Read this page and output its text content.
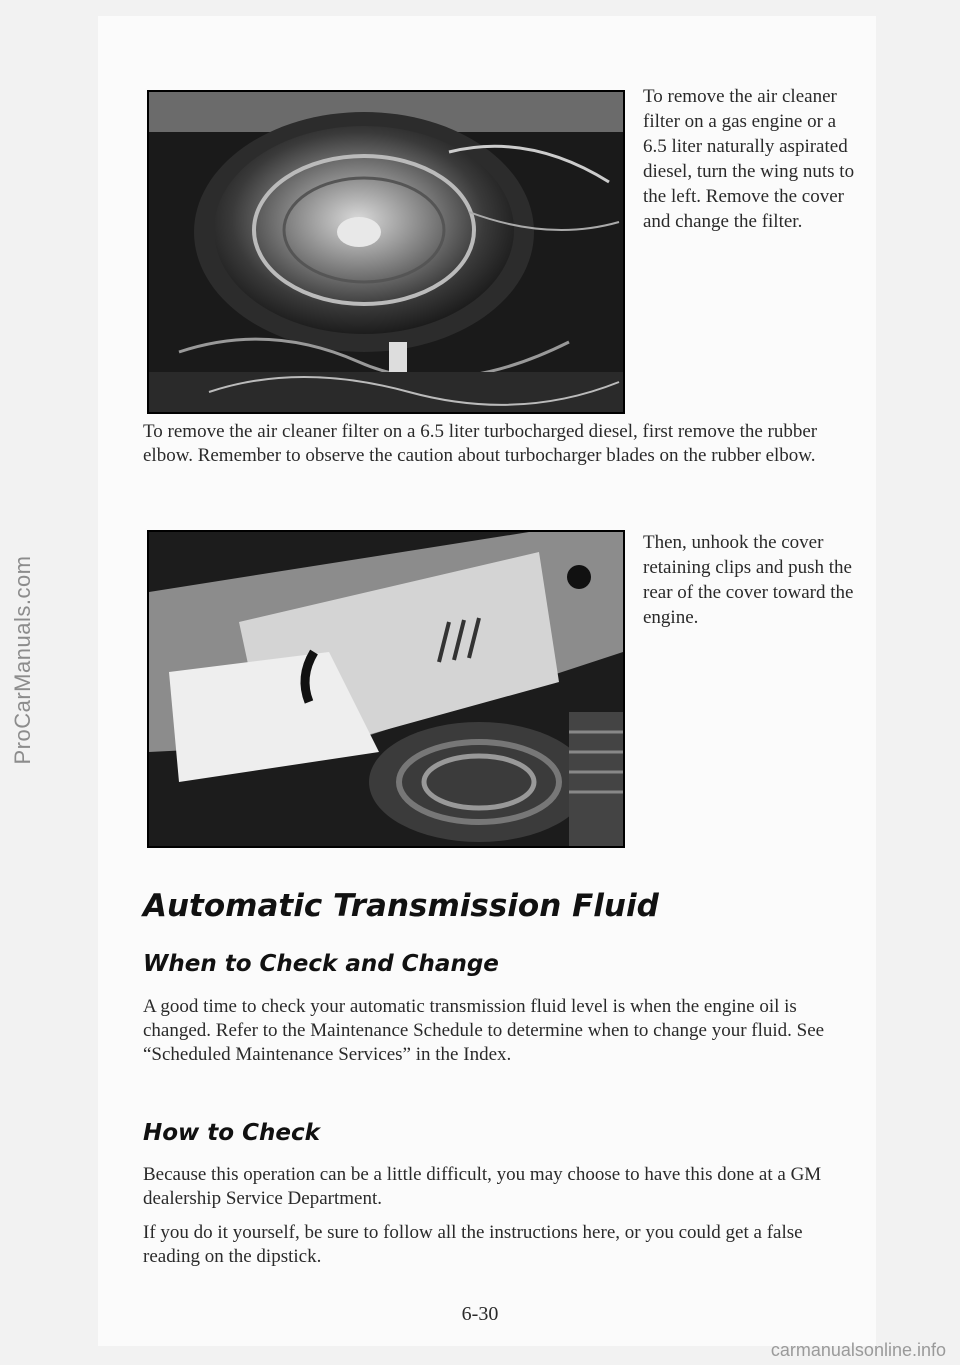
To remove the air cleaner filter on a gas engine or a 6.5 liter naturally aspirated diesel, turn the wing nuts to the left. Remove the cover and change the filter.

To remove the air cleaner filter on a 6.5 liter turbocharged diesel, first remove the rubber elbow. Remember to observe the caution about turbocharger blades on the rubber elbow.

Then, unhook the cover retaining clips and push the rear of the cover toward the engine.

Automatic Transmission Fluid
When to Check and Change

A good time to check your automatic transmission fluid level is when the engine oil is changed. Refer to the Maintenance Schedule to determine when to change your fluid. See “Scheduled Maintenance Services” in the Index.

How to Check

Because this operation can be a little difficult, you may choose to have this done at a GM dealership Service Department.

If you do it yourself, be sure to follow all the instructions here, or you could get a false reading on the dipstick.

6-30
ProCarManuals.com
carmanualsonline.info
